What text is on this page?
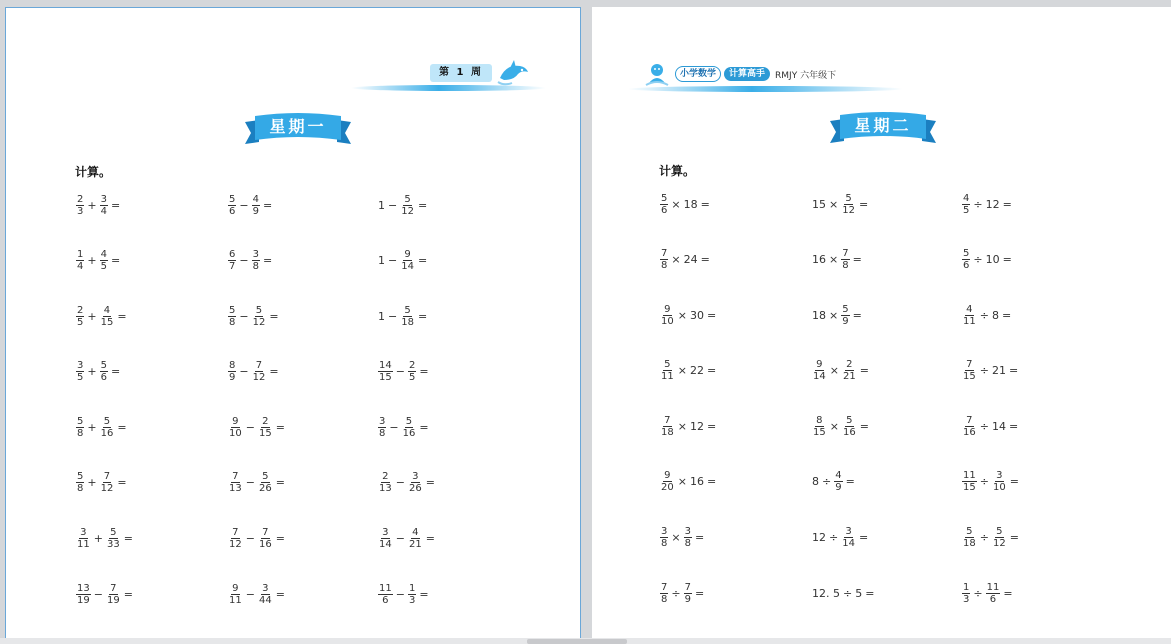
第 1 周
星期一
计算。
$\frac{2}{3} + \frac{3}{4}$ =	$\frac{5}{6} - \frac{4}{9}$ =	$1 - \frac{5}{12}$ =
$\frac{1}{4} + \frac{4}{5}$ =	$\frac{6}{7} - \frac{3}{8}$ =	$1 - \frac{9}{14}$ =
$\frac{2}{5} + \frac{4}{15}$ =	$\frac{5}{8} - \frac{5}{12}$ =	$1 - \frac{5}{18}$ =
$\frac{3}{5} + \frac{5}{6}$ =	$\frac{8}{9} - \frac{7}{12}$ =	$\frac{14}{15} - \frac{2}{5}$ =
$\frac{5}{8} + \frac{5}{16}$ =	$\frac{9}{10} - \frac{2}{15}$ =	$\frac{3}{8} - \frac{5}{16}$ =
$\frac{5}{8} + \frac{7}{12}$ =	$\frac{7}{13} - \frac{5}{26}$ =	$\frac{2}{13} - \frac{3}{26}$ =
$\frac{3}{11} + \frac{5}{33}$ =	$\frac{7}{12} - \frac{7}{16}$ =	$\frac{3}{14} - \frac{4}{21}$ =
$\frac{13}{19} - \frac{7}{19}$ =	$\frac{9}{11} - \frac{3}{44}$ =	$\frac{11}{6} - \frac{1}{3}$ =
小学数学	计算高手	RMJY 六年级下
星期二
计算。
$\frac{5}{6} \times 18$ =	$15 \times \frac{5}{12}$ =	$\frac{4}{5} \div 12$ =
$\frac{7}{8} \times 24$ =	$16 \times \frac{7}{8}$ =	$\frac{5}{6} \div 10$ =
$\frac{9}{10} \times 30$ =	$18 \times \frac{5}{9}$ =	$\frac{4}{11} \div 8$ =
$\frac{5}{11} \times 22$ =	$\frac{9}{14} \times \frac{2}{21}$ =	$\frac{7}{15} \div 21$ =
$\frac{7}{18} \times 12$ =	$\frac{8}{15} \times \frac{5}{16}$ =	$\frac{7}{16} \div 14$ =
$\frac{9}{20} \times 16$ =	$8 \div \frac{4}{9}$ =	$\frac{11}{15} \div \frac{3}{10}$ =
$\frac{3}{8} \times \frac{3}{8}$ =	$12 \div \frac{3}{14}$ =	$\frac{5}{18} \div \frac{5}{12}$ =
$\frac{7}{8} \div \frac{7}{9}$ =	12. 5 ÷ 5 =	$\frac{1}{3} \div \frac{11}{6}$ =
